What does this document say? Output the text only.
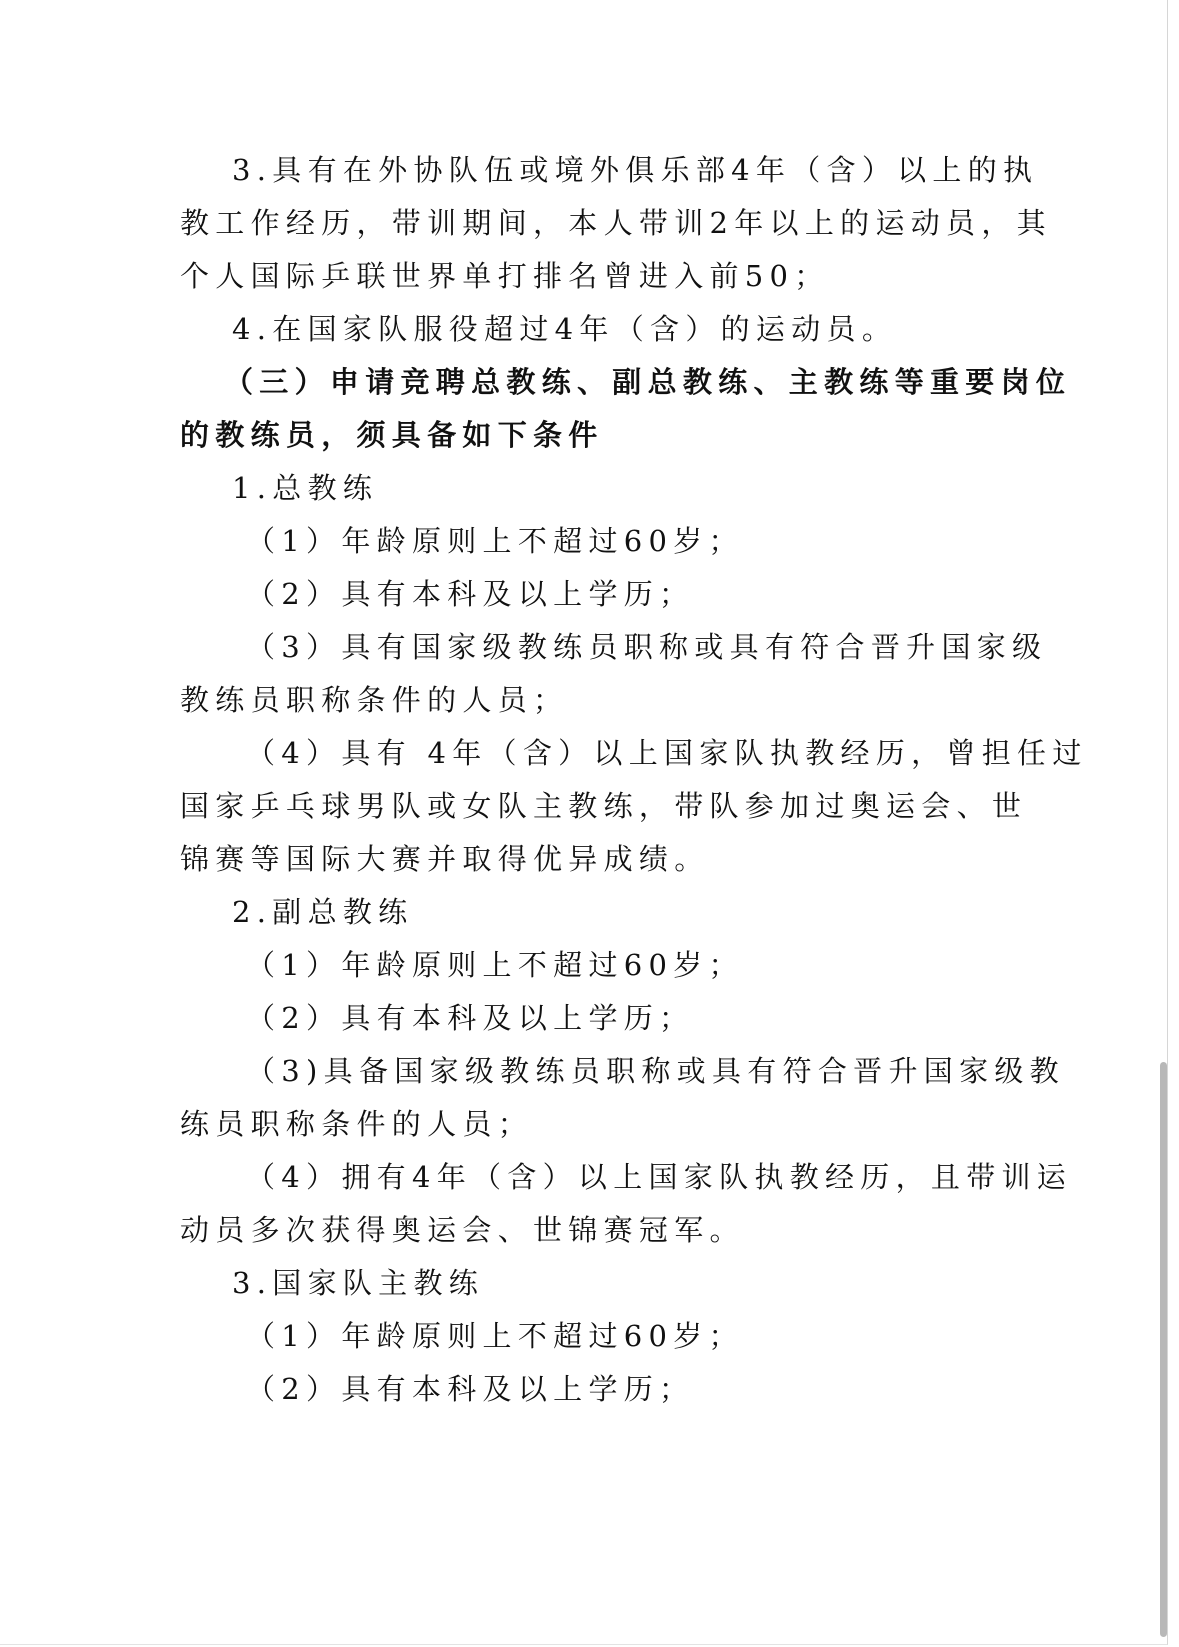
3.具有在外协队伍或境外俱乐部4年（含）以上的执
教工作经历，带训期间，本人带训2年以上的运动员，其
个人国际乒联世界单打排名曾进入前50；
4.在国家队服役超过4年（含）的运动员。
（三）申请竞聘总教练、副总教练、主教练等重要岗位
的教练员，须具备如下条件
1.总教练
（1）年龄原则上不超过60岁；
（2）具有本科及以上学历；
（3）具有国家级教练员职称或具有符合晋升国家级
教练员职称条件的人员；
（4）具有 4年（含）以上国家队执教经历，曾担任过
国家乒乓球男队或女队主教练，带队参加过奥运会、世
锦赛等国际大赛并取得优异成绩。
2.副总教练
（1）年龄原则上不超过60岁；
（2）具有本科及以上学历；
（3)具备国家级教练员职称或具有符合晋升国家级教
练员职称条件的人员；
（4）拥有4年（含）以上国家队执教经历，且带训运
动员多次获得奥运会、世锦赛冠军。
3.国家队主教练
（1）年龄原则上不超过60岁；
（2）具有本科及以上学历；
